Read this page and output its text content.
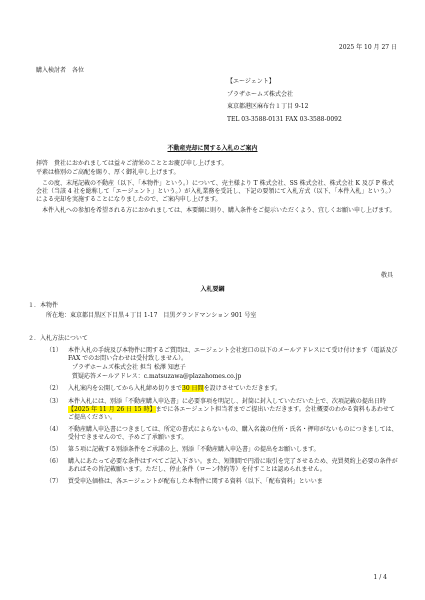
2025 年 10 月 27 日
購入検討者　各位
【エージェント】
プラザホームズ株式会社
東京都港区麻布台１丁目 9-12
TEL 03-3588-0131 FAX 03-3588-0092
不動産売却に関する入札のご案内

拝啓　貴社におかれましては益々ご清栄のこととお慶び申し上げます。

平素は格別のご高配を賜り、厚く御礼申し上げます。

この度、末尾記載の不動産（以下、「本物件」という。）について、売主様より T 株式会社、SS 株式会社、株式会社 K 及び P 株式会社（当該 4 社を総称して「エージェント」という。）が入札業務を受託し、下記の要領にて入札方式（以下、「本件入札」という。）による売却を実施することになりましたので、ご案内申し上げます。

本件入札への参加を希望される方におかれましては、本要綱に則り、購入条件をご提示いただくよう、宜しくお願い申し上げます。

敬具
入札要綱
１．本物件
所在地：東京都目黒区下目黒４丁目 1-17　目黒グランドマンション 901 号室
２．入札方法について
（1） 本件入札の手続及び本物件に関するご質問は、エージェント会社窓口の以下のメールアドレスにて受け付けます（電話及び FAX でのお問い合わせは受付致しません）。
プラザホームズ株式会社 担当 松澤 知恵子
質疑応答メールアドレス：c.matsuzawa@plazahomes.co.jp
（2） 入札案内を公開してから入札締め切りまで30 日間を設けさせていただきます。
（3） 本件入札には、別添「不動産購入申込書」に必要事項を明記し、封筒に封入していただいた上で、次項記載の提出日時【2025 年 11 月 26 日 15 時】までに各エージェント担当者までご提出いただきます。会社概要のわかる資料もあわせてご提出ください。
（4） 不動産購入申込書につきましては、所定の書式によらないもの、購入名義の住所・氏名・押印がないものにつきましては、受付できませんので、予めご了承願います。
（5） 第５項に記載する別添条件をご承諾の上、別添「不動産購入申込書」の提出をお願いします。
（6） 購入にあたって必要な条件はすべてご記入下さい。また、短期間で円滑に取引を完了させるため、売買契約上必要の条件があればその旨記載願います。ただし、停止条件（ローン特約等）を付すことは認められません。
（7） 買受申込価格は、各エージェントが配布した本物件に関する資料（以下、「配布資料」といいま
1 / 4
